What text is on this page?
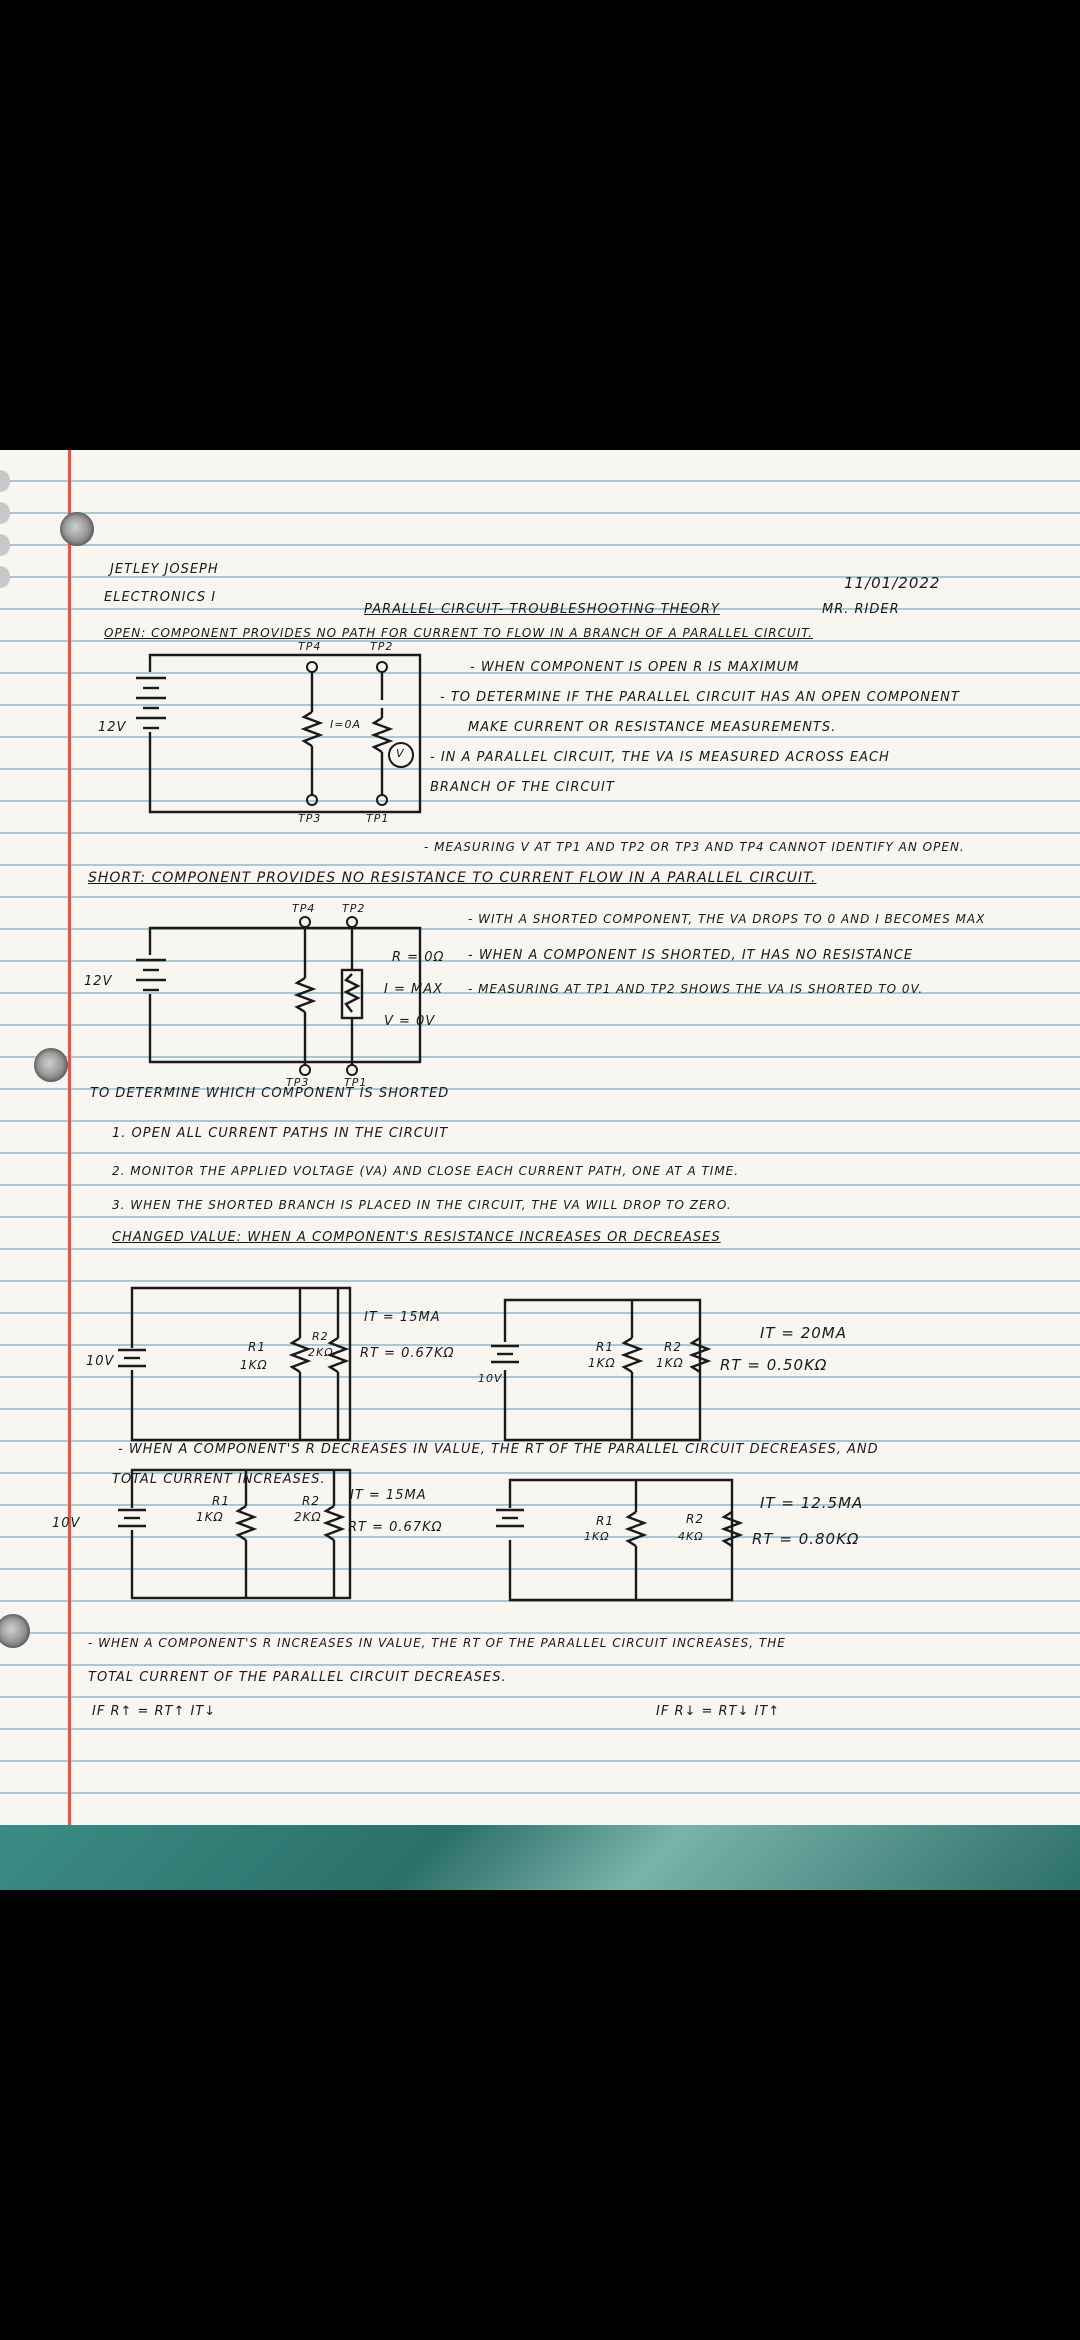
JETLEY JOSEPH
ELECTRONICS I
11/01/2022
MR. RIDER
PARALLEL CIRCUIT- TROUBLESHOOTING THEORY
OPEN: COMPONENT PROVIDES NO PATH FOR CURRENT TO FLOW IN A BRANCH OF A PARALLEL CIRCUIT.
12V
TP4	TP2
TP3	TP1
I=0A
V
- WHEN COMPONENT IS OPEN R IS MAXIMUM
- TO DETERMINE IF THE PARALLEL CIRCUIT HAS AN OPEN COMPONENT
MAKE CURRENT OR RESISTANCE MEASUREMENTS.
- IN A PARALLEL CIRCUIT, THE VA IS MEASURED ACROSS EACH
BRANCH OF THE CIRCUIT
- MEASURING V AT TP1 AND TP2 OR TP3 AND TP4 CANNOT IDENTIFY AN OPEN.
SHORT: COMPONENT PROVIDES NO RESISTANCE TO CURRENT FLOW IN A PARALLEL CIRCUIT.
12V
TP4 TP2
TP3	TP1
R = 0Ω
I = MAX
V = 0V
- WITH A SHORTED COMPONENT, THE VA DROPS TO 0 AND I BECOMES MAX
- WHEN A COMPONENT IS SHORTED, IT HAS NO RESISTANCE
- MEASURING AT TP1 AND TP2 SHOWS THE VA IS SHORTED TO 0V.
TO DETERMINE WHICH COMPONENT IS SHORTED
1. OPEN ALL CURRENT PATHS IN THE CIRCUIT
2. MONITOR THE APPLIED VOLTAGE (VA) AND CLOSE EACH CURRENT PATH, ONE AT A TIME.
3. WHEN THE SHORTED BRANCH IS PLACED IN THE CIRCUIT, THE VA WILL DROP TO ZERO.
CHANGED VALUE: WHEN A COMPONENT'S RESISTANCE INCREASES OR DECREASES
10V
R1
1KΩ
R2
2KΩ
IT = 15MA
RT = 0.67KΩ
10V
R1
1KΩ
R2
1KΩ
IT = 20MA
RT = 0.50KΩ
- WHEN A COMPONENT'S R DECREASES IN VALUE, THE RT OF THE PARALLEL CIRCUIT DECREASES, AND
TOTAL CURRENT INCREASES.
10V
R1
1KΩ
R2
2KΩ
IT = 15MA
RT = 0.67KΩ	R1
1KΩ
R2
4KΩ
IT = 12.5MA
RT = 0.80KΩ
- WHEN A COMPONENT'S R INCREASES IN VALUE, THE RT OF THE PARALLEL CIRCUIT INCREASES, THE
TOTAL CURRENT OF THE PARALLEL CIRCUIT DECREASES.
IF R↑ = RT↑ IT↓	IF R↓ = RT↓ IT↑
